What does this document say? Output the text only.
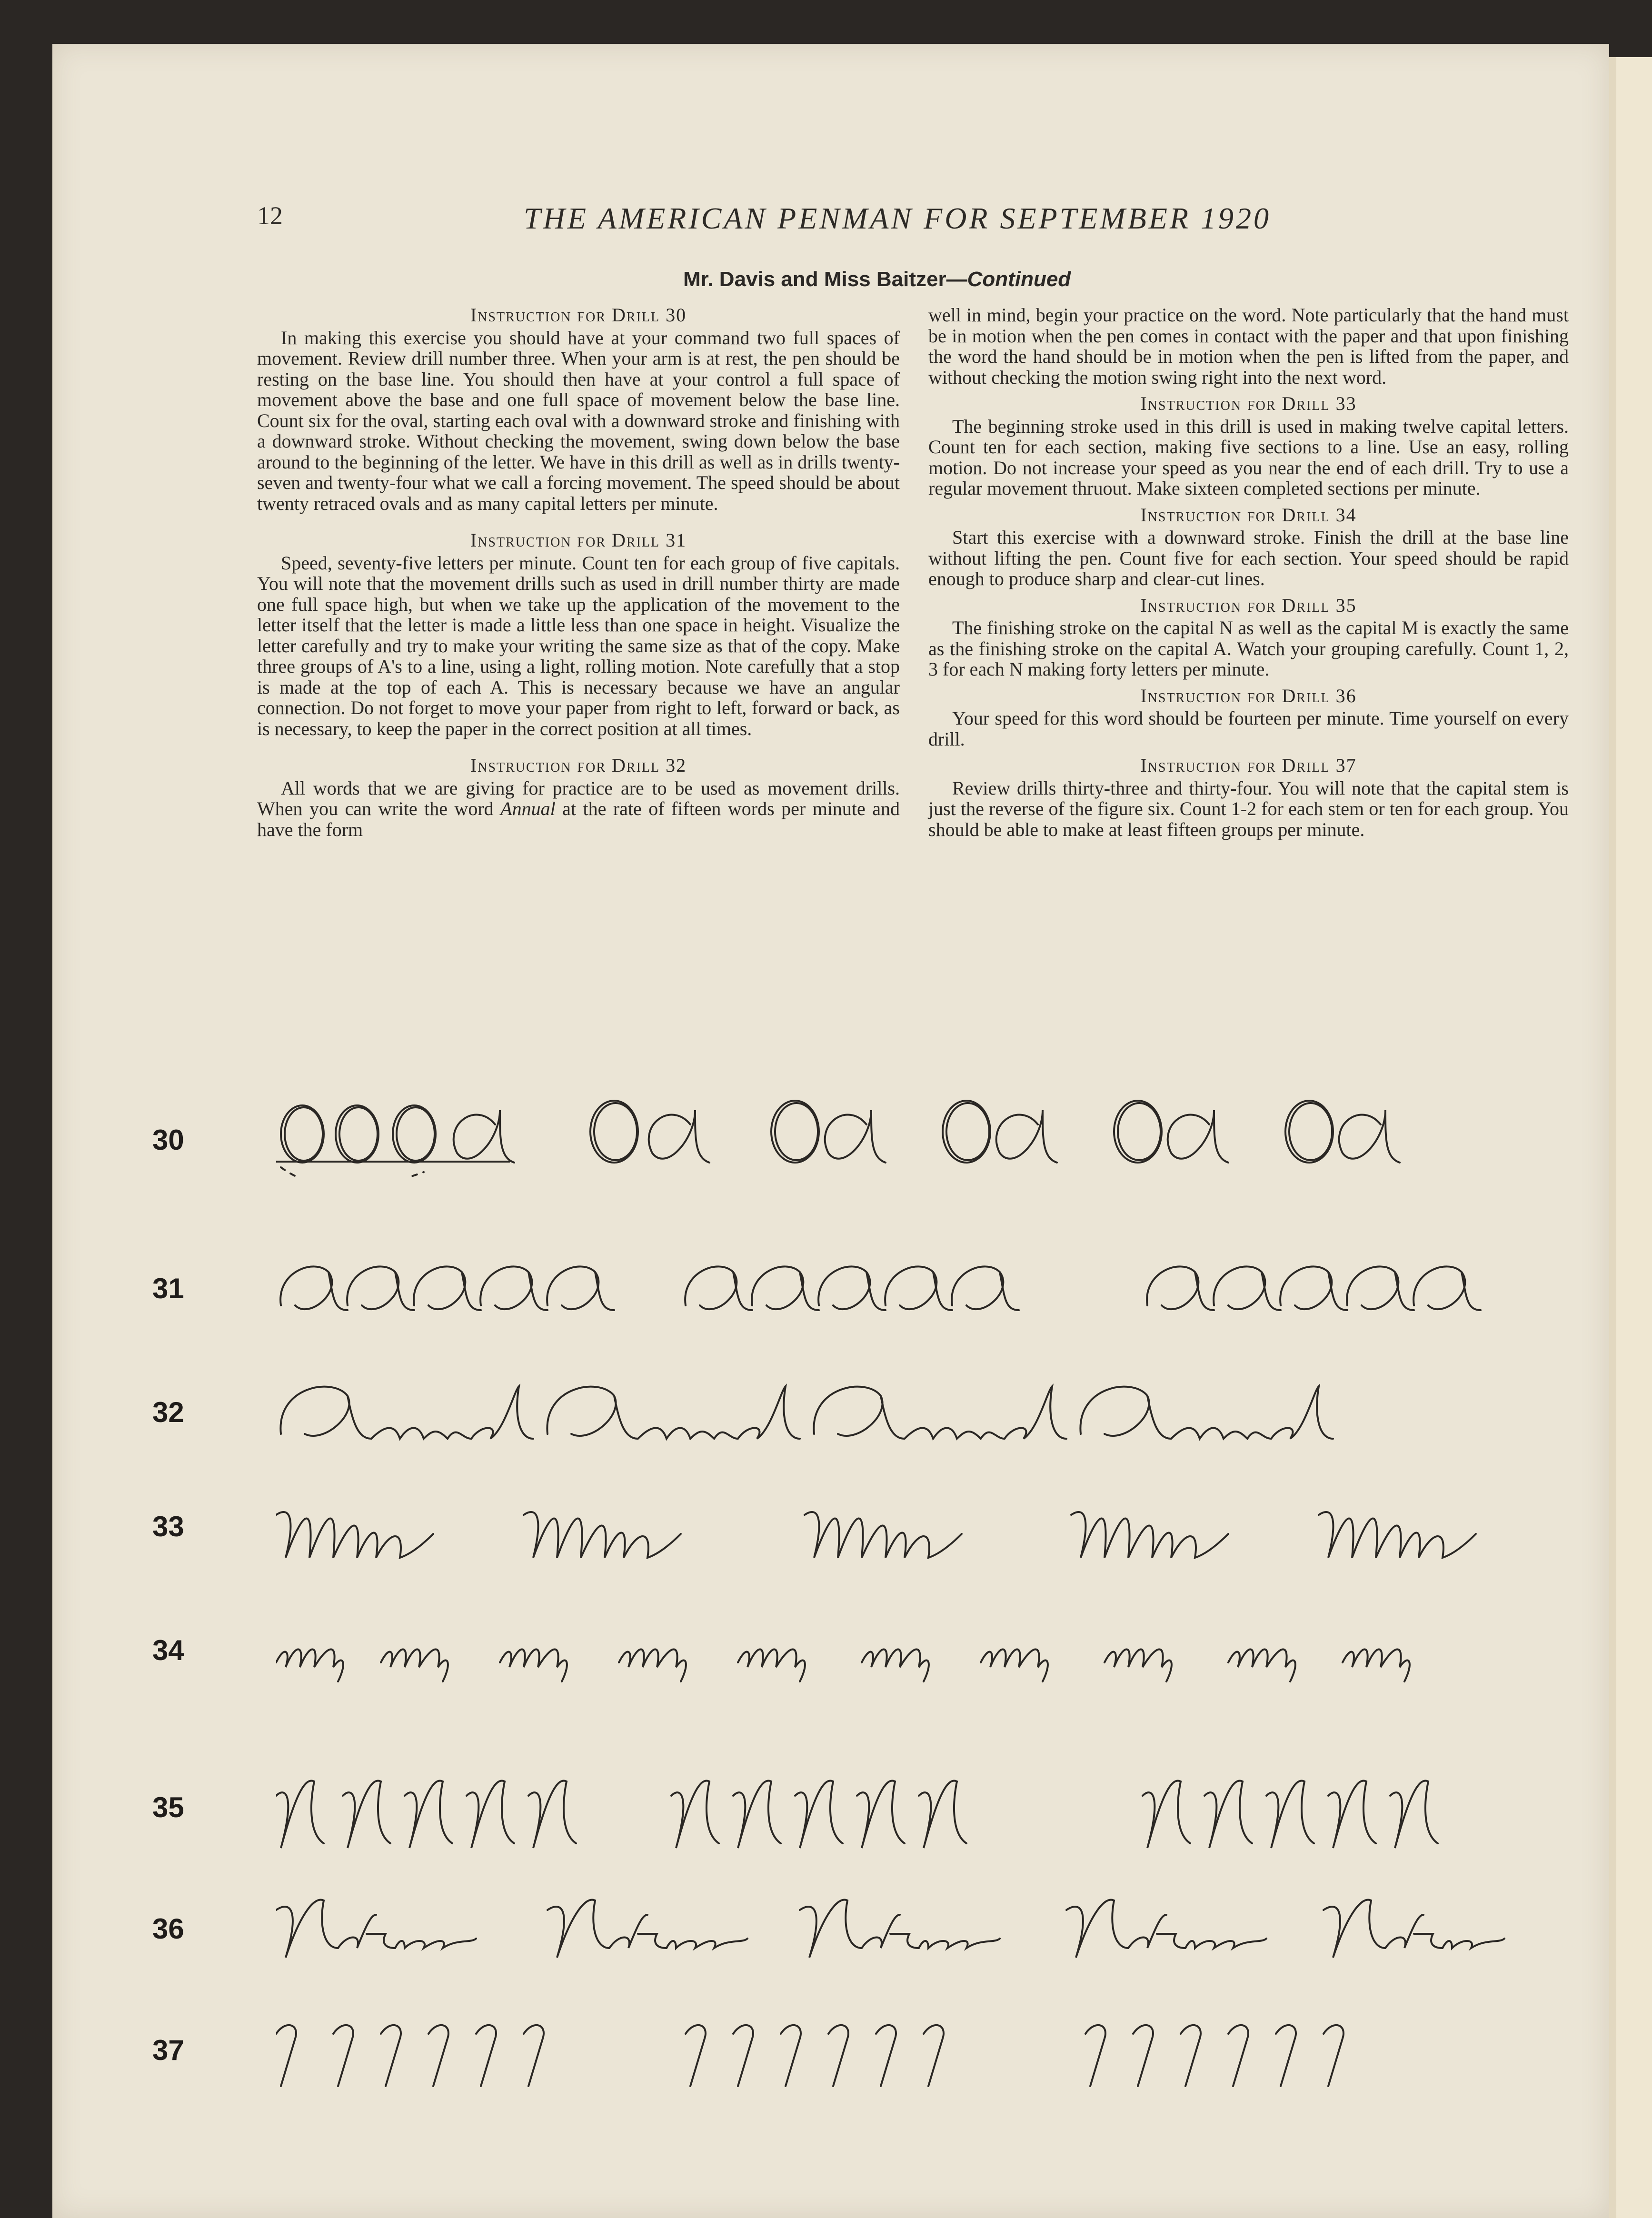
12	THE AMERICAN PENMAN FOR SEPTEMBER 1920
Mr. Davis and Miss Baitzer—Continued
Instruction for Drill 30

In making this exercise you should have at your command two full spaces of movement. Review drill number three. When your arm is at rest, the pen should be resting on the base line. You should then have at your control a full space of movement above the base and one full space of movement below the base line. Count six for the oval, starting each oval with a downward stroke and finishing with a downward stroke. Without checking the movement, swing down below the base around to the beginning of the letter. We have in this drill as well as in drills twenty-seven and twenty-four what we call a forcing movement. The speed should be about twenty retraced ovals and as many capital letters per minute.

Instruction for Drill 31

Speed, seventy-five letters per minute. Count ten for each group of five capitals. You will note that the movement drills such as used in drill number thirty are made one full space high, but when we take up the application of the movement to the letter itself that the letter is made a little less than one space in height. Visualize the letter carefully and try to make your writing the same size as that of the copy. Make three groups of A's to a line, using a light, rolling motion. Note carefully that a stop is made at the top of each A. This is necessary because we have an angular connection. Do not forget to move your paper from right to left, forward or back, as is necessary, to keep the paper in the correct position at all times.

Instruction for Drill 32

All words that we are giving for practice are to be used as movement drills. When you can write the word Annual at the rate of fifteen words per minute and have the form

well in mind, begin your practice on the word. Note particularly that the hand must be in motion when the pen comes in contact with the paper and that upon finishing the word the hand should be in motion when the pen is lifted from the paper, and without checking the motion swing right into the next word.

Instruction for Drill 33

The beginning stroke used in this drill is used in making twelve capital letters. Count ten for each section, making five sections to a line. Use an easy, rolling motion. Do not increase your speed as you near the end of each drill. Try to use a regular movement thruout. Make sixteen completed sections per minute.

Instruction for Drill 34

Start this exercise with a downward stroke. Finish the drill at the base line without lifting the pen. Count five for each section. Your speed should be rapid enough to produce sharp and clear-cut lines.

Instruction for Drill 35

The finishing stroke on the capital N as well as the capital M is exactly the same as the finishing stroke on the capital A. Watch your grouping carefully. Count 1, 2, 3 for each N making forty letters per minute.

Instruction for Drill 36

Your speed for this word should be fourteen per minute. Time yourself on every drill.

Instruction for Drill 37

Review drills thirty-three and thirty-four. You will note that the capital stem is just the reverse of the figure six. Count 1-2 for each stem or ten for each group. You should be able to make at least fifteen groups per minute.

30
31
32
33
34
35
36
37
